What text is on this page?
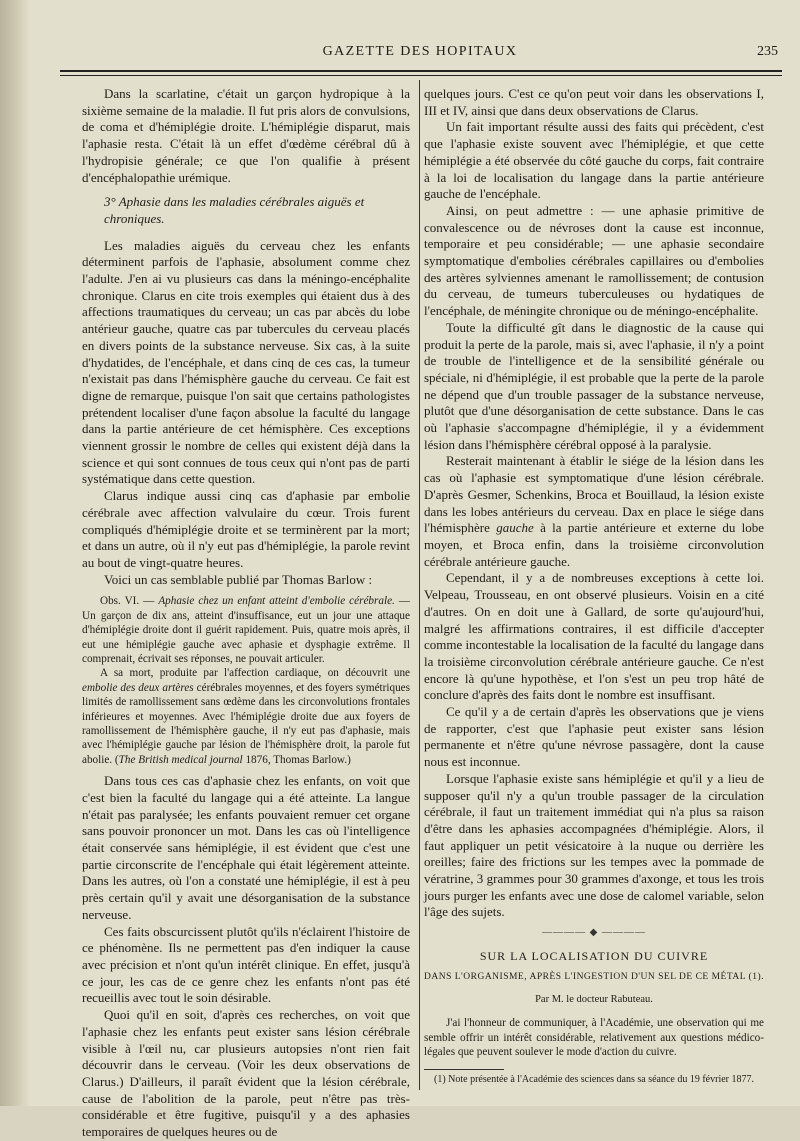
GAZETTE DES HOPITAUX	235

Dans la scarlatine, c'était un garçon hydropique à la sixième semaine de la maladie. Il fut pris alors de convulsions, de coma et d'hémiplégie droite. L'hémiplégie disparut, mais l'aphasie resta. C'était là un effet d'œdème cérébral dû à l'hydropisie générale; ce que l'on qualifie à présent d'encéphalopathie urémique.

3° Aphasie dans les maladies cérébrales aiguës et chroniques.

Les maladies aiguës du cerveau chez les enfants déterminent parfois de l'aphasie, absolument comme chez l'adulte. J'en ai vu plusieurs cas dans la méningo-encéphalite chronique. Clarus en cite trois exemples qui étaient dus à des affections traumatiques du cerveau; un cas par abcès du lobe antérieur gauche, quatre cas par tubercules du cerveau placés en divers points de la substance nerveuse. Six cas, à la suite d'hydatides, de l'encéphale, et dans cinq de ces cas, la tumeur n'existait pas dans l'hémisphère gauche du cerveau. Ce fait est digne de remarque, puisque l'on sait que certains pathologistes prétendent localiser d'une façon absolue la faculté du langage dans la partie antérieure de cet hémisphère. Ces exceptions viennent grossir le nombre de celles qui existent déjà dans la science et qui sont connues de tous ceux qui n'ont pas de parti systématique dans cette question.

Clarus indique aussi cinq cas d'aphasie par embolie cérébrale avec affection valvulaire du cœur. Trois furent compliqués d'hémiplégie droite et se terminèrent par la mort; et dans un autre, où il n'y eut pas d'hémiplégie, la parole revint au bout de vingt-quatre heures.

Voici un cas semblable publié par Thomas Barlow :

Obs. VI. — Aphasie chez un enfant atteint d'embolie cérébrale. — Un garçon de dix ans, atteint d'insuffisance, eut un jour une attaque d'hémiplégie droite dont il guérit rapidement. Puis, quatre mois après, il eut une hémiplégie gauche avec aphasie et dysphagie extrême. Il comprenait, écrivait ses réponses, ne pouvait articuler.

A sa mort, produite par l'affection cardiaque, on découvrit une embolie des deux artères cérébrales moyennes, et des foyers symétriques limités de ramollissement sans œdème dans les circonvolutions frontales inférieures et moyennes. Avec l'hémiplégie droite due aux foyers de ramollissement de l'hémisphère gauche, il n'y eut pas d'aphasie, mais avec l'hémiplégie gauche par lésion de l'hémisphère droit, la parole fut abolie. (The British medical journal 1876, Thomas Barlow.)

Dans tous ces cas d'aphasie chez les enfants, on voit que c'est bien la faculté du langage qui a été atteinte. La langue n'était pas paralysée; les enfants pouvaient remuer cet organe sans pouvoir prononcer un mot. Dans les cas où l'intelligence était conservée sans hémiplégie, il est évident que c'est une partie circonscrite de l'encéphale qui était légèrement atteinte. Dans les autres, où l'on a constaté une hémiplégie, il est à peu près certain qu'il y avait une désorganisation de la substance nerveuse.

Ces faits obscurcissent plutôt qu'ils n'éclairent l'histoire de ce phénomène. Ils ne permettent pas d'en indiquer la cause avec précision et n'ont qu'un intérêt clinique. En effet, jusqu'à ce jour, les cas de ce genre chez les enfants n'ont pas été recueillis avec tout le soin désirable.

Quoi qu'il en soit, d'après ces recherches, on voit que l'aphasie chez les enfants peut exister sans lésion cérébrale visible à l'œil nu, car plusieurs autopsies n'ont rien fait découvrir dans le cerveau. (Voir les deux observations de Clarus.) D'ailleurs, il paraît évident que la lésion cérébrale, cause de l'abolition de la parole, peut n'être pas très-considérable et être fugitive, puisqu'il y a des aphasies temporaires de quelques heures ou de

quelques jours. C'est ce qu'on peut voir dans les observations I, III et IV, ainsi que dans deux observations de Clarus.

Un fait important résulte aussi des faits qui précèdent, c'est que l'aphasie existe souvent avec l'hémiplégie, et que cette hémiplégie a été observée du côté gauche du corps, fait contraire à la loi de localisation du langage dans la partie antérieure gauche de l'encéphale.

Ainsi, on peut admettre : — une aphasie primitive de convalescence ou de névroses dont la cause est inconnue, temporaire et peu considérable; — une aphasie secondaire symptomatique d'embolies cérébrales capillaires ou d'embolies des artères sylviennes amenant le ramollissement; de contusion du cerveau, de tumeurs tuberculeuses ou hydatiques de l'encéphale, de méningite chronique ou de méningo-encéphalite.

Toute la difficulté gît dans le diagnostic de la cause qui produit la perte de la parole, mais si, avec l'aphasie, il n'y a point de trouble de l'intelligence et de la sensibilité générale ou spéciale, ni d'hémiplégie, il est probable que la perte de la parole ne dépend que d'un trouble passager de la substance nerveuse, plutôt que d'une désorganisation de cette substance. Dans le cas où l'aphasie s'accompagne d'hémiplégie, il y a évidemment lésion dans l'hémisphère cérébral opposé à la paralysie.

Resterait maintenant à établir le siége de la lésion dans les cas où l'aphasie est symptomatique d'une lésion cérébrale. D'après Gesmer, Schenkins, Broca et Bouillaud, la lésion existe dans les lobes antérieurs du cerveau. Dax en place le siége dans l'hémisphère gauche à la partie antérieure et externe du lobe moyen, et Broca enfin, dans la troisième circonvolution cérébrale antérieure gauche.

Cependant, il y a de nombreuses exceptions à cette loi. Velpeau, Trousseau, en ont observé plusieurs. Voisin en a cité d'autres. On en doit une à Gallard, de sorte qu'aujourd'hui, malgré les affirmations contraires, il est difficile d'accepter comme incontestable la localisation de la faculté du langage dans la troisième circonvolution cérébrale antérieure gauche. Ce n'est encore là qu'une hypothèse, et l'on s'est un peu trop hâté de conclure d'après des faits dont le nombre est insuffisant.

Ce qu'il y a de certain d'après les observations que je viens de rapporter, c'est que l'aphasie peut exister sans lésion permanente et n'être qu'une névrose passagère, dont la cause nous est inconnue.

Lorsque l'aphasie existe sans hémiplégie et qu'il y a lieu de supposer qu'il n'y a qu'un trouble passager de la circulation cérébrale, il faut un traitement immédiat qui n'a plus sa raison d'être dans les aphasies accompagnées d'hémiplégie. Alors, il faut appliquer un petit vésicatoire à la nuque ou derrière les oreilles; faire des frictions sur les tempes avec la pommade de vératrine, 3 grammes pour 30 grammes d'axonge, et tous les trois jours purger les enfants avec une dose de calomel variable, selon l'âge des sujets.

———— ◆ ————

SUR LA LOCALISATION DU CUIVRE

DANS L'ORGANISME, APRÈS L'INGESTION D'UN SEL DE CE MÉTAL (1).

Par M. le docteur Rabuteau.

J'ai l'honneur de communiquer, à l'Académie, une observation qui me semble offrir un intérêt considérable, relativement aux questions médico-légales que peuvent soulever le mode d'action du cuivre.

(1) Note présentée à l'Académie des sciences dans sa séance du 19 février 1877.
